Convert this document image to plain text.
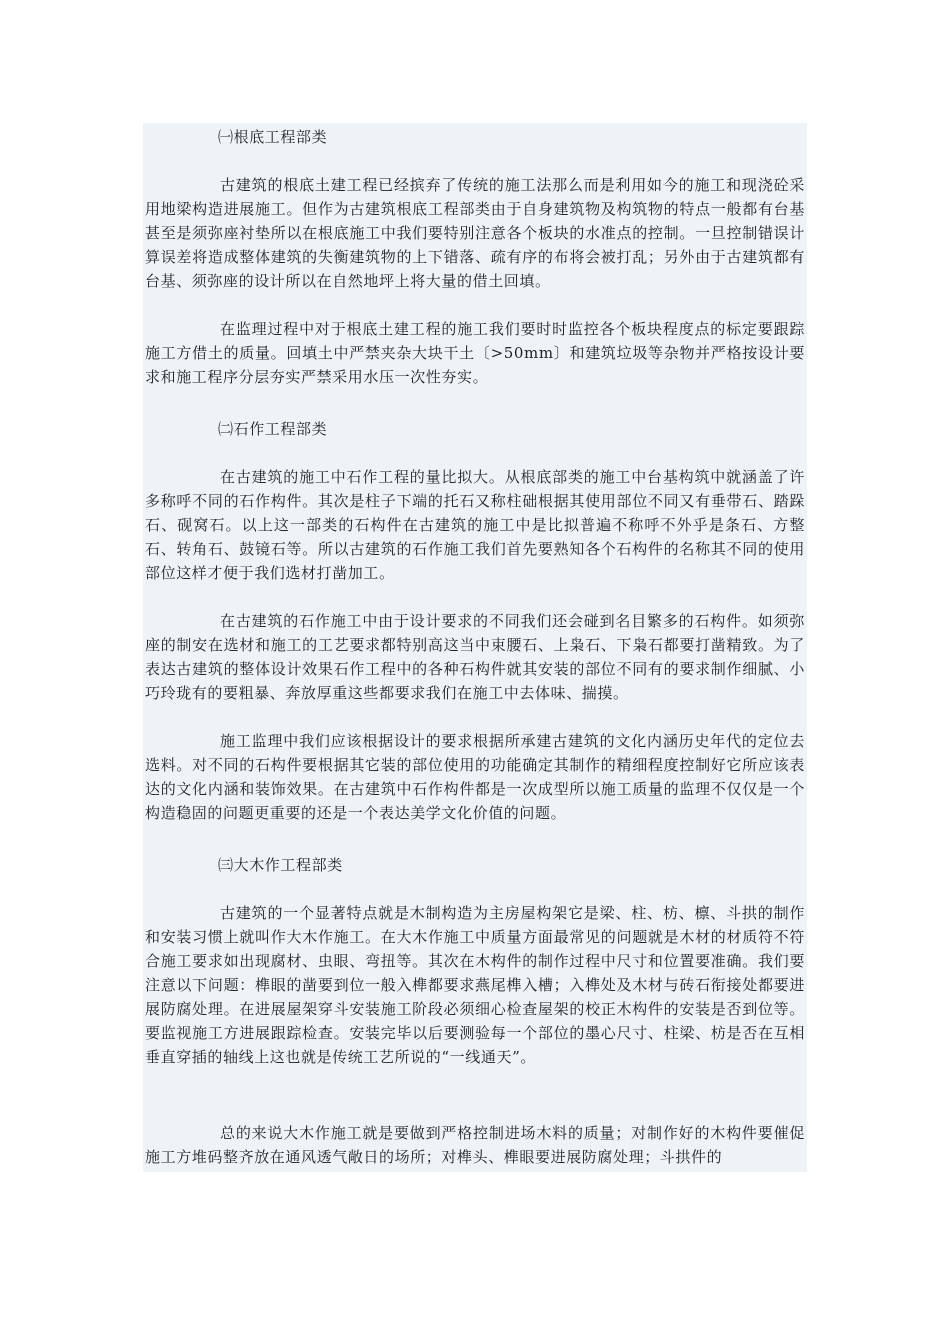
㈠根底工程部类

古建筑的根底土建工程已经摈弃了传统的施工法那么而是利用如今的施工和现浇砼采用地梁构造进展施工。但作为古建筑根底工程部类由于自身建筑物及构筑物的特点一般都有台基甚至是须弥座衬垫所以在根底施工中我们要特别注意各个板块的水准点的控制。一旦控制错误计算误差将造成整体建筑的失衡建筑物的上下错落、疏有序的布将会被打乱；另外由于古建筑都有台基、须弥座的设计所以在自然地坪上将大量的借土回填。

在监理过程中对于根底土建工程的施工我们要时时监控各个板块程度点的标定要跟踪施工方借土的质量。回填土中严禁夹杂大块干土〔>50mm〕和建筑垃圾等杂物并严格按设计要求和施工程序分层夯实严禁采用水压一次性夯实。

㈡石作工程部类

在古建筑的施工中石作工程的量比拟大。从根底部类的施工中台基构筑中就涵盖了许多称呼不同的石作构件。其次是柱子下端的托石又称柱础根据其使用部位不同又有垂带石、踏跺石、砚窝石。以上这一部类的石构件在古建筑的施工中是比拟普遍不称呼不外乎是条石、方整石、转角石、鼓镜石等。所以古建筑的石作施工我们首先要熟知各个石构件的名称其不同的使用部位这样才便于我们选材打凿加工。

在古建筑的石作施工中由于设计要求的不同我们还会碰到名目繁多的石构件。如须弥座的制安在选材和施工的工艺要求都特别高这当中束腰石、上枭石、下枭石都要打凿精致。为了表达古建筑的整体设计效果石作工程中的各种石构件就其安装的部位不同有的要求制作细腻、小巧玲珑有的要粗暴、奔放厚重这些都要求我们在施工中去体味、揣摸。

施工监理中我们应该根据设计的要求根据所承建古建筑的文化内涵历史年代的定位去选料。对不同的石构件要根据其它装的部位使用的功能确定其制作的精细程度控制好它所应该表达的文化内涵和装饰效果。在古建筑中石作构件都是一次成型所以施工质量的监理不仅仅是一个构造稳固的问题更重要的还是一个表达美学文化价值的问题。

㈢大木作工程部类

古建筑的一个显著特点就是木制构造为主房屋构架它是梁、柱、枋、檩、斗拱的制作和安装习惯上就叫作大木作施工。在大木作施工中质量方面最常见的问题就是木材的材质符不符合施工要求如出现腐材、虫眼、弯扭等。其次在木构件的制作过程中尺寸和位置要准确。我们要注意以下问题：榫眼的凿要到位一般入榫都要求燕尾榫入槽；入榫处及木材与砖石衔接处都要进展防腐处理。在进展屋架穿斗安装施工阶段必须细心检查屋架的校正木构件的安装是否到位等。要监视施工方进展跟踪检查。安装完毕以后要测验每一个部位的墨心尺寸、柱梁、枋是否在互相垂直穿插的轴线上这也就是传统工艺所说的“一线通天”。

总的来说大木作施工就是要做到严格控制进场木料的质量；对制作好的木构件要催促施工方堆码整齐放在通风透气敞日的场所；对榫头、榫眼要进展防腐处理；斗拱件的
